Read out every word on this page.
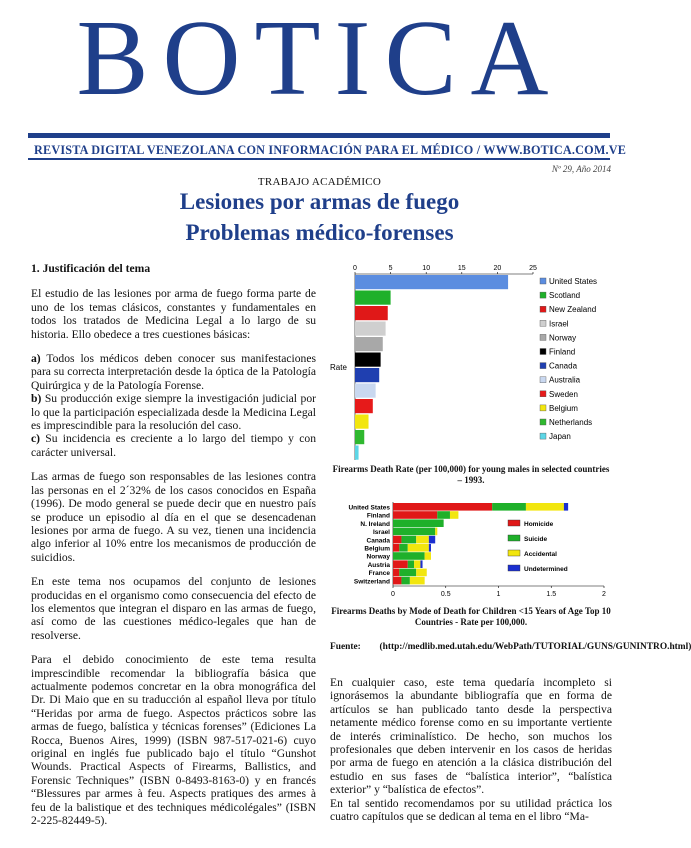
BOTICA
REVISTA DIGITAL VENEZOLANA CON INFORMACIÓN PARA EL MÉDICO / WWW.BOTICA.COM.VE
Nº 29, Año 2014
TRABAJO ACADÉMICO
Lesiones por armas de fuego
Problemas médico-forenses

1. Justificación del tema

El estudio de las lesiones por arma de fuego forma parte de uno de los temas clásicos, constantes y fundamentales en todos los tratados de Medicina Legal a lo largo de su historia. Ello obedece a tres cuestiones básicas:

a) Todos los médicos deben conocer sus manifestaciones para su correcta interpretación desde la óptica de la Patología Quirúrgica y de la Patología Forense.

b) Su producción exige siempre la investigación judicial por lo que la participación especializada desde la Medicina Legal es imprescindible para la resolución del caso.

c) Su incidencia es creciente a lo largo del tiempo y con carácter universal.

Las armas de fuego son responsables de las lesiones contra las personas en el 2´32% de los casos conocidos en España (1996). De modo general se puede decir que en nuestro país se produce un episodio al día en el que se desencadenan lesiones por arma de fuego. A su vez, tienen una incidencia algo inferior al 10% entre los mecanismos de producción de suicidios.

En este tema nos ocupamos del conjunto de lesiones producidas en el organismo como consecuencia del efecto de los elementos que integran el disparo en las armas de fuego, así como de las cuestiones médico-legales que han de resolverse.

Para el debido conocimiento de este tema resulta imprescindible recomendar la bibliografía básica que actualmente podemos concretar en la obra monográfica del Dr. Di Maio que en su traducción al español lleva por título “Heridas por arma de fuego. Aspectos prácticos sobre las armas de fuego, balística y técnicas forenses” (Ediciones La Rocca, Buenos Aires, 1999) (ISBN 987-517-021-6) cuyo original en inglés fue publicado bajo el título “Gunshot Wounds. Practical Aspects of Firearms, Ballistics, and Forensic Techniques” (ISBN 0-8493-8163-0) y en francés “Blessures par armes à feu. Aspects pratiques des armes à feu de la balistique et des techniques médicolégales” (ISBN 2-225-82449-5).

0	5	10	15	20	25
Rate
United States
Scotland
New Zealand
Israel
Norway
Finland
Canada
Australia
Sweden
Belgium
Netherlands
Japan
Firearms Death Rate (per 100,000) for young males in selected countries – 1993.
0	0.5	1	1.5	2
United States
Finland
N. Ireland
Israel
Canada
Belgium
Norway
Austria
France
Switzerland
Homicide
Suicide
Accidental
Undetermined
Firearms Deaths by Mode of Death for Children <15 Years of Age Top 10 Countries - Rate per 100,000.
Fuente: (http://medlib.med.utah.edu/WebPath/TUTORIAL/GUNS/GUNINTRO.html)

En cualquier caso, este tema quedaría incompleto si ignorásemos la abundante bibliografía que en forma de artículos se han publicado tanto desde la perspectiva netamente médico forense como en su importante vertiente de interés criminalístico. De hecho, son muchos los profesionales que deben intervenir en los casos de heridas por arma de fuego en atención a la clásica distribución del estudio en sus fases de “balística interior”, “balística exterior” y “balística de efectos”.

En tal sentido recomendamos por su utilidad práctica los cuatro capítulos que se dedican al tema en el libro “Ma-
